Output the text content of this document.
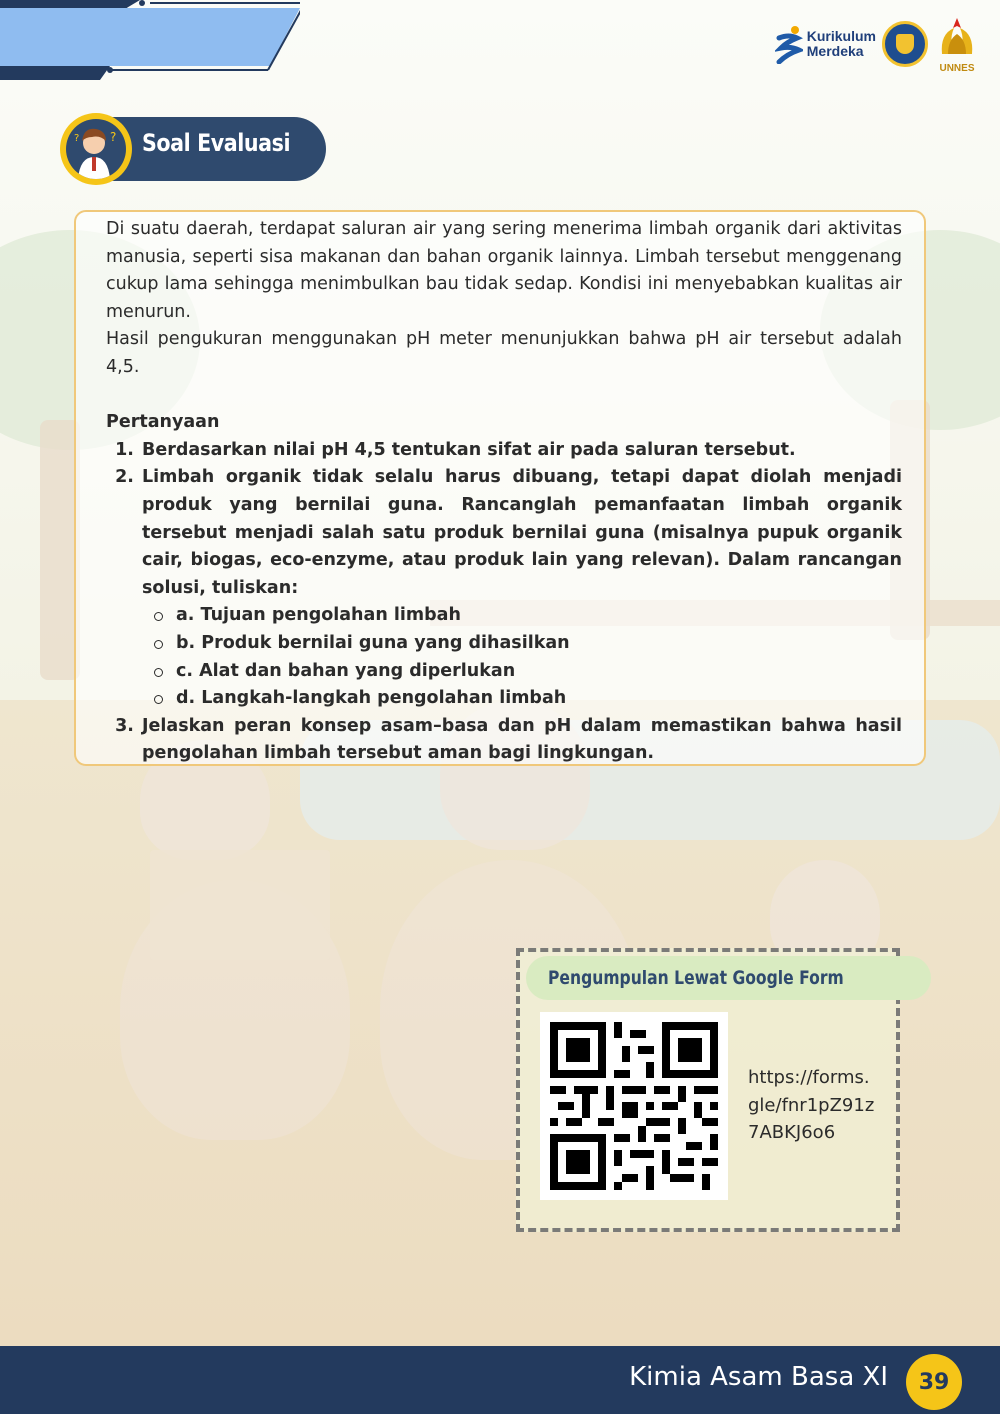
Kurikulum
Merdeka
UNNES
Soal Evaluasi
?
?

Di suatu daerah, terdapat saluran air yang sering menerima limbah organik dari aktivitas manusia, seperti sisa makanan dan bahan organik lainnya. Limbah tersebut menggenang cukup lama sehingga menimbulkan bau tidak sedap. Kondisi ini menyebabkan kualitas air menurun.

Hasil pengukuran menggunakan pH meter menunjukkan bahwa pH air tersebut adalah 4,5.

Pertanyaan

1. Berdasarkan nilai pH 4,5 tentukan sifat air pada saluran tersebut.
2. Limbah organik tidak selalu harus dibuang, tetapi dapat diolah menjadi produk yang bernilai guna. Rancanglah pemanfaatan limbah organik tersebut menjadi salah satu produk bernilai guna (misalnya pupuk organik cair, biogas, eco-enzyme, atau produk lain yang relevan). Dalam rancangan solusi, tuliskan:
a. Tujuan pengolahan limbah
b. Produk bernilai guna yang dihasilkan
c. Alat dan bahan yang diperlukan
d. Langkah-langkah pengolahan limbah
3. Jelaskan peran konsep asam–basa dan pH dalam memastikan bahwa hasil pengolahan limbah tersebut aman bagi lingkungan.
Pengumpulan Lewat Google Form
https://forms.gle/fnr1pZ91z7ABKJ6o6
Kimia Asam Basa XI	39
